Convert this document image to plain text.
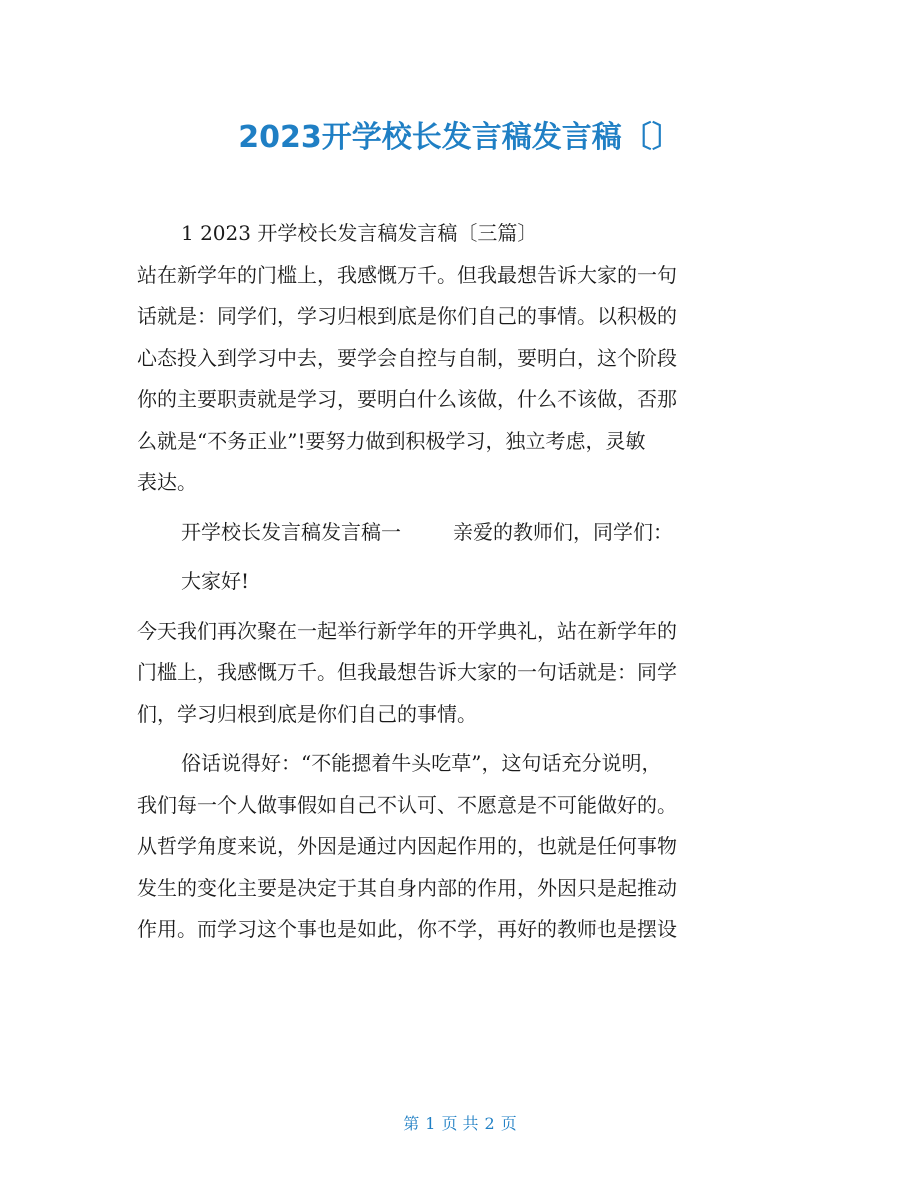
2023开学校长发言稿发言稿〔〕
1 2023 开学校长发言稿发言稿〔三篇〕
站在新学年的门槛上，我感慨万千。但我最想告诉大家的一句
话就是：同学们，学习归根到底是你们自己的事情。以积极的
心态投入到学习中去，要学会自控与自制，要明白，这个阶段
你的主要职责就是学习，要明白什么该做，什么不该做，否那
么就是“不务正业”!要努力做到积极学习，独立考虑，灵敏
表达。
开学校长发言稿发言稿一	亲爱的教师们，同学们：
大家好!
今天我们再次聚在一起举行新学年的开学典礼，站在新学年的
门槛上，我感慨万千。但我最想告诉大家的一句话就是：同学
们，学习归根到底是你们自己的事情。
俗话说得好：“不能摁着牛头吃草”，这句话充分说明，
我们每一个人做事假如自己不认可、不愿意是不可能做好的。
从哲学角度来说，外因是通过内因起作用的，也就是任何事物
发生的变化主要是决定于其自身内部的作用，外因只是起推动
作用。而学习这个事也是如此，你不学，再好的教师也是摆设
第 1 页 共 2 页
